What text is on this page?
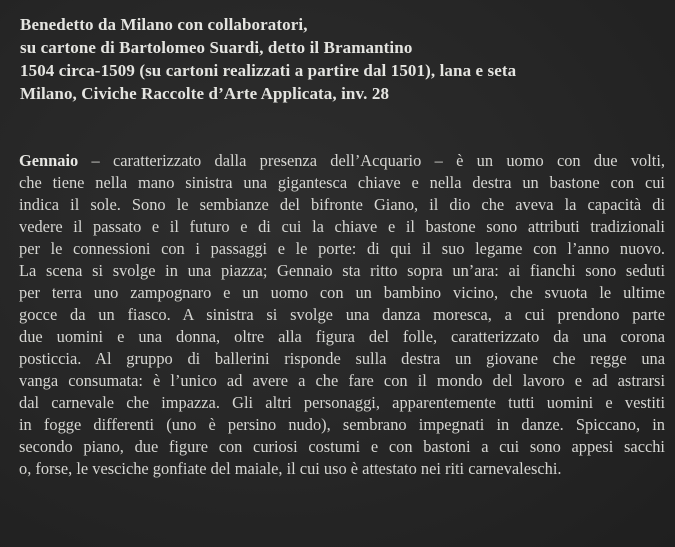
Benedetto da Milano con collaboratori,
su cartone di Bartolomeo Suardi, detto il Bramantino
1504 circa-1509 (su cartoni realizzati a partire dal 1501), lana e seta
Milano, Civiche Raccolte d’Arte Applicata, inv. 28
Gennaio – caratterizzato dalla presenza dell’Acquario – è un uomo con due volti,
che tiene nella mano sinistra una gigantesca chiave e nella destra un bastone con cui
indica il sole. Sono le sembianze del bifronte Giano, il dio che aveva la capacità di
vedere il passato e il futuro e di cui la chiave e il bastone sono attributi tradizionali
per le connessioni con i passaggi e le porte: di qui il suo legame con l’anno nuovo.
La scena si svolge in una piazza; Gennaio sta ritto sopra un’ara: ai fianchi sono seduti
per terra uno zampognaro e un uomo con un bambino vicino, che svuota le ultime
gocce da un fiasco. A sinistra si svolge una danza moresca, a cui prendono parte
due uomini e una donna, oltre alla figura del folle, caratterizzato da una corona
posticcia. Al gruppo di ballerini risponde sulla destra un giovane che regge una
vanga consumata: è l’unico ad avere a che fare con il mondo del lavoro e ad astrarsi
dal carnevale che impazza. Gli altri personaggi, apparentemente tutti uomini e vestiti
in fogge differenti (uno è persino nudo), sembrano impegnati in danze. Spiccano, in
secondo piano, due figure con curiosi costumi e con bastoni a cui sono appesi sacchi
o, forse, le vesciche gonfiate del maiale, il cui uso è attestato nei riti carnevaleschi.
